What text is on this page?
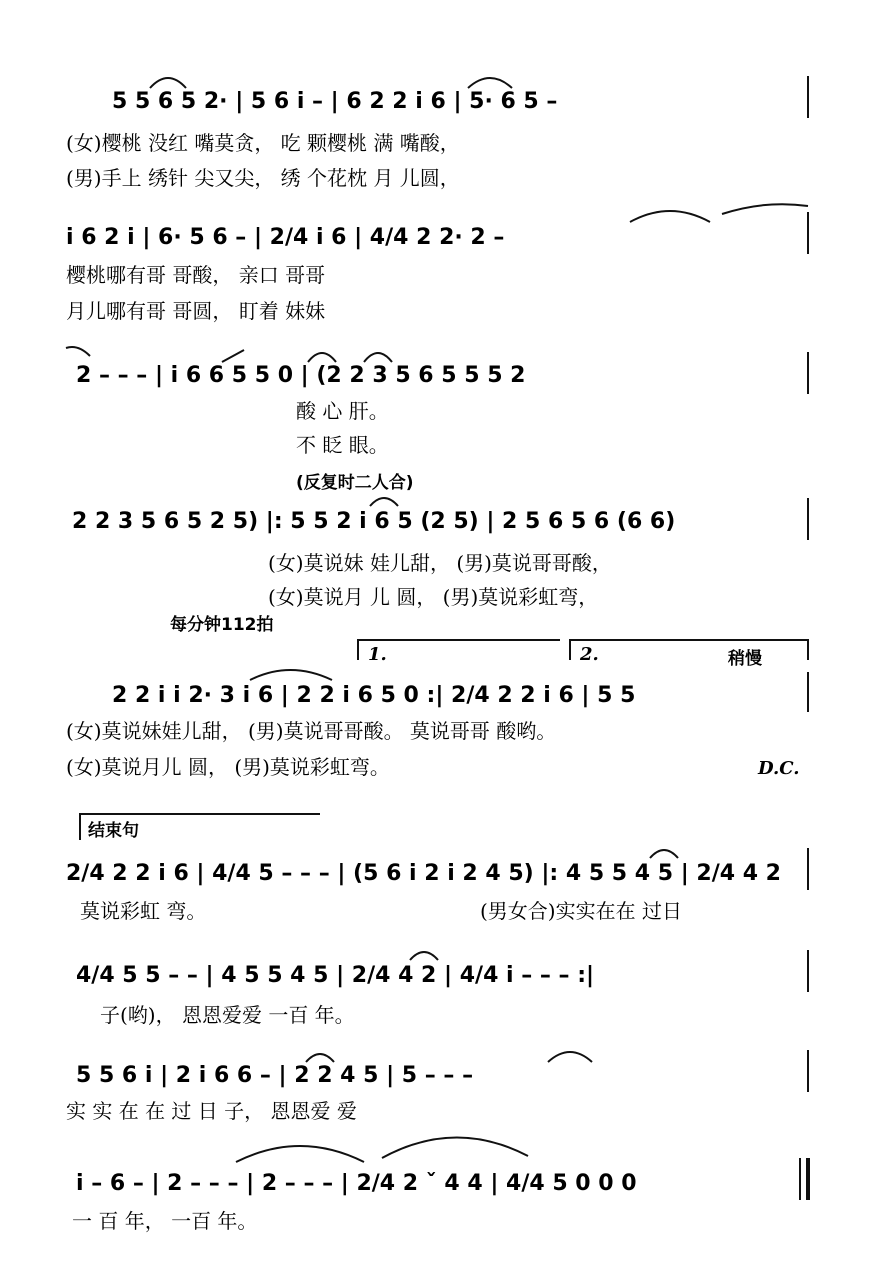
5 5 6 5 2· | 5 6 i – | 6 2 2 i 6 | 5· 6 5 –
(女)樱桃 没红 嘴莫贪， 吃 颗樱桃 满 嘴酸，
(男)手上 绣针 尖又尖， 绣 个花枕 月 儿圆，
i 6 2 i | 6· 5 6 – | 2/4 i 6 | 4/4 2 2· 2 –
樱桃哪有哥 哥酸， 亲口 哥哥
月儿哪有哥 哥圆， 盯着 妹妹
2 – – – | i 6 6 5 5 0 | (2 2 3 5 6 5 5 5 2
酸 心 肝。
不 眨 眼。
(反复时二人合)
2 2 3 5 6 5 2 5) |: 5 5 2 i 6 5 (2 5) | 2 5 6 5 6 (6 6)
(女)莫说妹 娃儿甜， (男)莫说哥哥酸，
(女)莫说月 儿 圆， (男)莫说彩虹弯，
每分钟112拍
1.	2.	稍慢
2 2 i i 2· 3 i 6 | 2 2 i 6 5 0 :| 2/4 2 2 i 6 | 5 5
(女)莫说妹娃儿甜， (男)莫说哥哥酸。 莫说哥哥 酸哟。
(女)莫说月儿 圆， (男)莫说彩虹弯。	D.C.
结束句
2/4 2 2 i 6 | 4/4 5 – – – | (5 6 i 2 i 2 4 5) |: 4 5 5 4 5 | 2/4 4 2
莫说彩虹 弯。	(男女合)实实在在 过日
4/4 5 5 – – | 4 5 5 4 5 | 2/4 4 2 | 4/4 i – – – :|
子(哟)， 恩恩爱爱 一百 年。
5 5 6 i | 2 i 6 6 – | 2 2 4 5 | 5 – – –
实 实 在 在 过 日 子， 恩恩爱 爱
i – 6 – | 2 – – – | 2 – – – | 2/4 2 ˇ 4 4 | 4/4 5 0 0 0
一 百 年， 一百 年。
